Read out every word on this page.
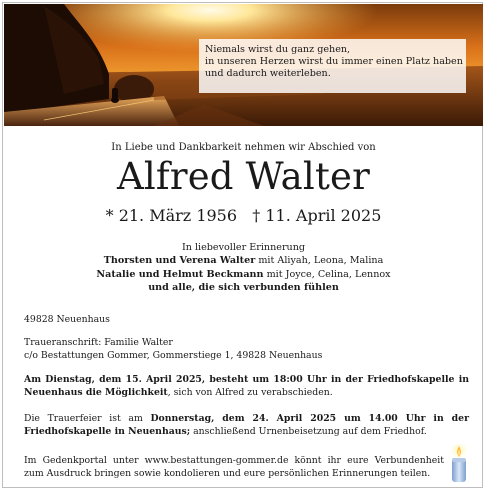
Niemals wirst du ganz gehen,
in unseren Herzen wirst du immer einen Platz haben
und dadurch weiterleben.
In Liebe und Dankbarkeit nehmen wir Abschied von
Alfred Walter
* 21. März 1956   † 11. April 2025
In liebevoller Erinnerung
Thorsten und Verena Walter mit Aliyah, Leona, Malina
Natalie und Helmut Beckmann mit Joyce, Celina, Lennox
und alle, die sich verbunden fühlen
49828 Neuenhaus
Traueranschrift: Familie Walter
c/o Bestattungen Gommer, Gommerstiege 1, 49828 Neuenhaus
Am Dienstag, dem 15. April 2025, besteht um 18:00 Uhr in der Friedhofskapelle in Neuenhaus die Möglichkeit, sich von Alfred zu verabschieden.
Die Trauerfeier ist am Donnerstag, dem 24. April 2025 um 14.00 Uhr in der Friedhofskapelle in Neuenhaus; anschließend Urnenbeisetzung auf dem Friedhof.
Im Gedenkportal unter www.bestattungen-gommer.de könnt ihr eure Verbundenheit zum Ausdruck bringen sowie kondolieren und eure persönlichen Erinnerungen teilen.
